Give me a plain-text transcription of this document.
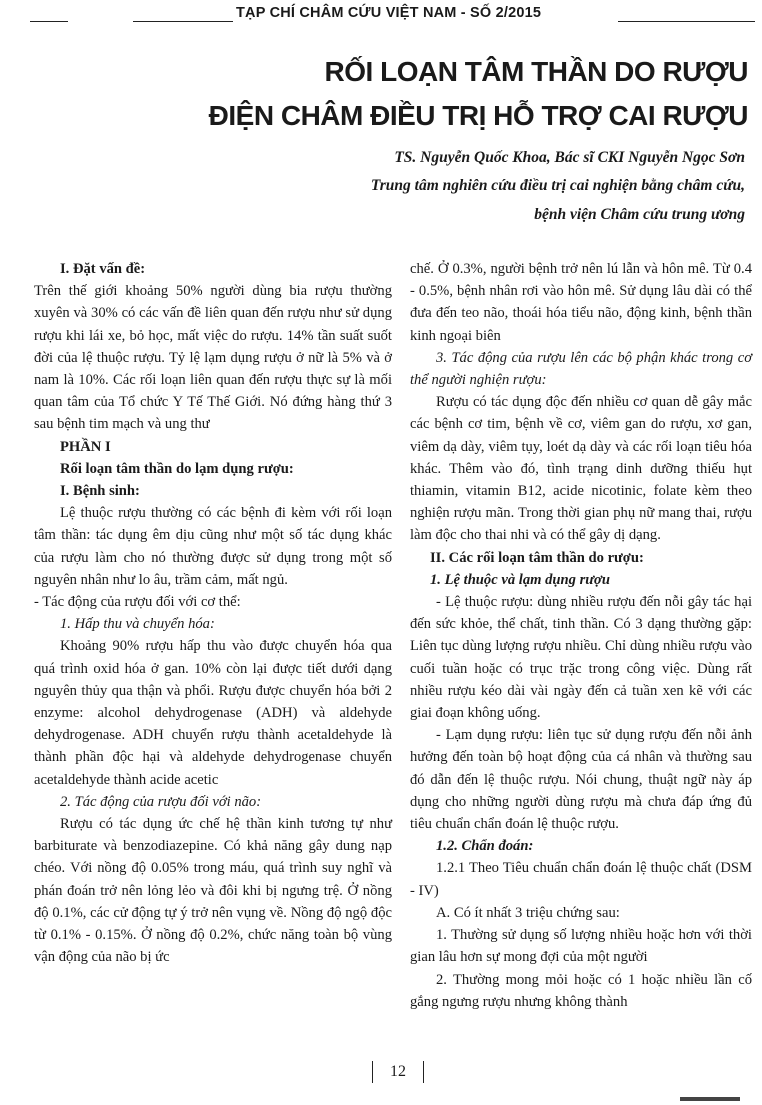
TẠP CHÍ CHÂM CỨU VIỆT NAM - SỐ 2/2015
RỐI LOẠN TÂM THẦN DO RƯỢU
ĐIỆN CHÂM ĐIỀU TRỊ HỖ TRỢ CAI RƯỢU
TS. Nguyễn Quốc Khoa, Bác sĩ CKI Nguyễn Ngọc Sơn
Trung tâm nghiên cứu điều trị cai nghiện bằng châm cứu,
bệnh viện Châm cứu trung ương

I. Đặt vấn đề:

Trên thế giới khoảng 50% người dùng bia rượu thường xuyên và 30% có các vấn đề liên quan đến rượu như sử dụng rượu khi lái xe, bỏ học, mất việc do rượu. 14% tần suất suốt đời của lệ thuộc rượu. Tỷ lệ lạm dụng rượu ở nữ là 5% và ở nam là 10%. Các rối loạn liên quan đến rượu thực sự là mối quan tâm của Tổ chức Y Tế Thế Giới. Nó đứng hàng thứ 3 sau bệnh tim mạch và ung thư

PHẦN I

Rối loạn tâm thần do lạm dụng rượu:

I. Bệnh sinh:

Lệ thuộc rượu thường có các bệnh đi kèm với rối loạn tâm thần: tác dụng êm dịu cũng như một số tác dụng khác của rượu làm cho nó thường được sử dụng trong một số nguyên nhân như lo âu, trầm cảm, mất ngủ.

- Tác động của rượu đối với cơ thể:

1. Hấp thu và chuyển hóa:

Khoảng 90% rượu hấp thu vào được chuyển hóa qua quá trình oxid hóa ở gan. 10% còn lại được tiết dưới dạng nguyên thủy qua thận và phổi. Rượu được chuyển hóa bởi 2 enzyme: alcohol dehydrogenase (ADH) và aldehyde dehydrogenase. ADH chuyển rượu thành acetaldehyde là thành phần độc hại và aldehyde dehydrogenase chuyển acetaldehyde thành acide acetic

2. Tác động của rượu đối với não:

Rượu có tác dụng ức chế hệ thần kinh tương tự như barbiturate và benzodiazepine. Có khả năng gây dung nạp chéo. Với nồng độ 0.05% trong máu, quá trình suy nghĩ và phán đoán trở nên lỏng lẻo và đôi khi bị ngưng trệ. Ở nồng độ 0.1%, các cử động tự ý trở nên vụng về. Nồng độ ngộ độc từ 0.1% - 0.15%. Ở nồng độ 0.2%, chức năng toàn bộ vùng vận động của não bị ức

chế. Ở 0.3%, người bệnh trở nên lú lẫn và hôn mê. Từ 0.4 - 0.5%, bệnh nhân rơi vào hôn mê. Sử dụng lâu dài có thể đưa đến teo não, thoái hóa tiểu não, động kinh, bệnh thần kinh ngoại biên

3. Tác động của rượu lên các bộ phận khác trong cơ thể người nghiện rượu:

Rượu có tác dụng độc đến nhiều cơ quan dễ gây mắc các bệnh cơ tim, bệnh về cơ, viêm gan do rượu, xơ gan, viêm dạ dày, viêm tụy, loét dạ dày và các rối loạn tiêu hóa khác. Thêm vào đó, tình trạng dinh dưỡng thiếu hụt thiamin, vitamin B12, acide nicotinic, folate kèm theo nghiện rượu mãn. Trong thời gian phụ nữ mang thai, rượu làm độc cho thai nhi và có thể gây dị dạng.

II. Các rối loạn tâm thần do rượu:

1. Lệ thuộc và lạm dụng rượu

- Lệ thuộc rượu: dùng nhiều rượu đến nỗi gây tác hại đến sức khỏe, thể chất, tinh thần. Có 3 dạng thường gặp: Liên tục dùng lượng rượu nhiều. Chỉ dùng nhiều rượu vào cuối tuần hoặc có trục trặc trong công việc. Dùng rất nhiều rượu kéo dài vài ngày đến cả tuần xen kẽ với các giai đoạn không uống.

- Lạm dụng rượu: liên tục sử dụng rượu đến nỗi ảnh hưởng đến toàn bộ hoạt động của cá nhân và thường sau đó dẫn đến lệ thuộc rượu. Nói chung, thuật ngữ này áp dụng cho những người dùng rượu mà chưa đáp ứng đủ tiêu chuẩn chẩn đoán lệ thuộc rượu.

1.2. Chẩn đoán:

1.2.1 Theo Tiêu chuẩn chẩn đoán lệ thuộc chất (DSM - IV)

A. Có ít nhất 3 triệu chứng sau:

1. Thường sử dụng số lượng nhiều hoặc hơn với thời gian lâu hơn sự mong đợi của một người

2. Thường mong mỏi hoặc có 1 hoặc nhiều lần cố gắng ngưng rượu nhưng không thành

12
